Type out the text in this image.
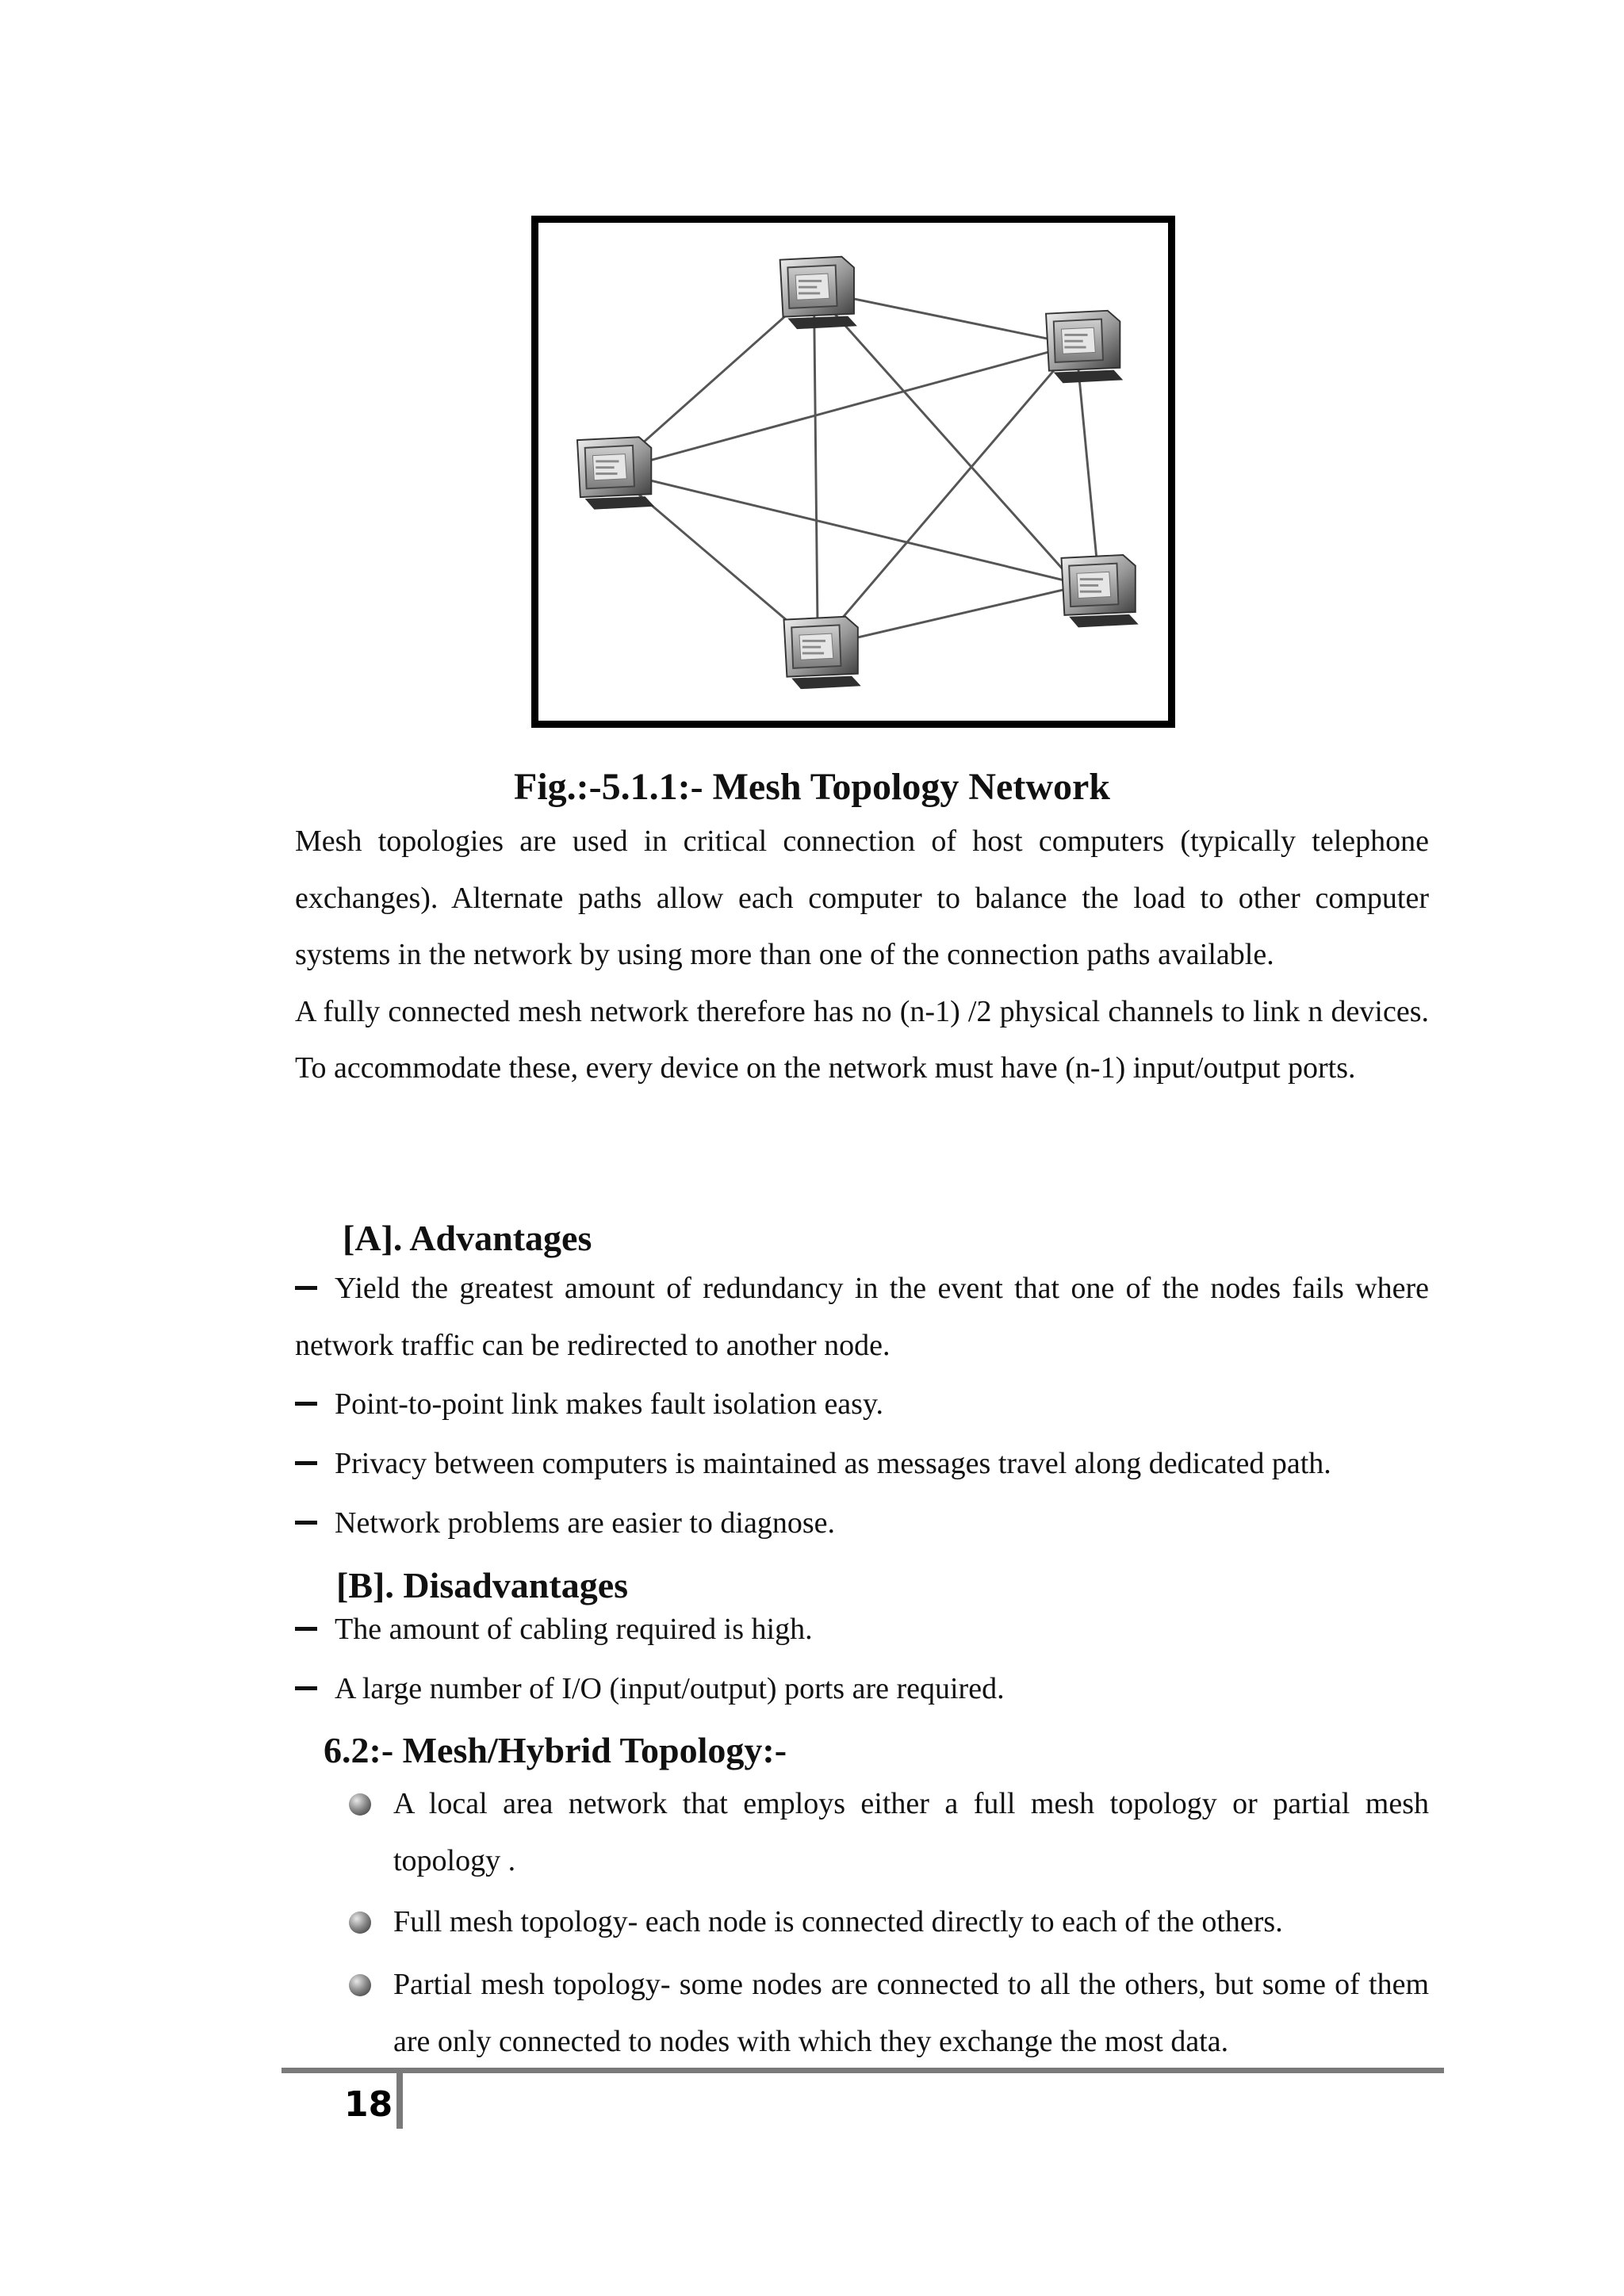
Fig.:-5.1.1:- Mesh Topology Network

Mesh topologies are used in critical connection of host computers (typically telephone exchanges). Alternate paths allow each computer to balance the load to other computer systems in the network by using more than one of the connection paths available.

A fully connected mesh network therefore has no (n-1) /2 physical channels to link n devices. To accommodate these, every device on the network must have (n-1) input/output ports.

[A]. Advantages

Yield the greatest amount of redundancy in the event that one of the nodes fails where network traffic can be redirected to another node.
Point-to-point link makes fault isolation easy.
Privacy between computers is maintained as messages travel along dedicated path.
Network problems are easier to diagnose.

[B]. Disadvantages

The amount of cabling required is high.
A large number of I/O (input/output) ports are required.

6.2:- Mesh/Hybrid Topology:-

A local area network that employs either a full mesh topology or partial mesh topology .
Full mesh topology- each node is connected directly to each of the others.
Partial mesh topology- some nodes are connected to all the others, but some of them are only connected to nodes with which they exchange the most data.

18
